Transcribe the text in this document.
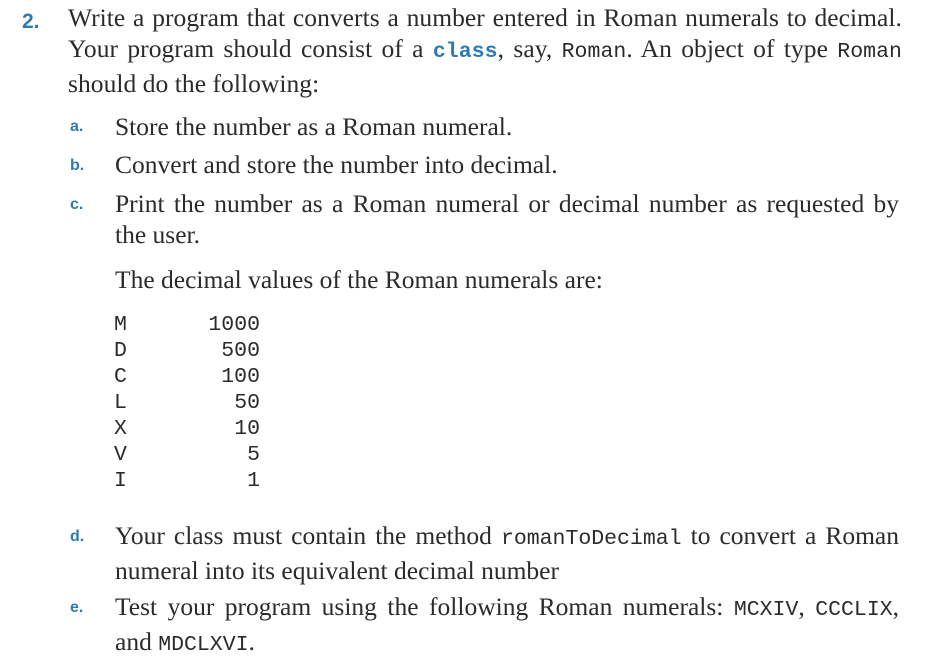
2. Write a program that converts a number entered in Roman numerals to decimal. Your program should consist of a class, say, Roman. An object of type Roman should do the following:
a. Store the number as a Roman numeral.
b. Convert and store the number into decimal.
c. Print the number as a Roman numeral or decimal number as requested by the user.
The decimal values of the Roman numerals are:
M	1000
D	500
C	100
L	50
X	10
V	5
I	1
d. Your class must contain the method romanToDecimal to convert a Roman numeral into its equivalent decimal number
e. Test your program using the following Roman numerals: MCXIV, CCCLIX, and MDCLXVI.
